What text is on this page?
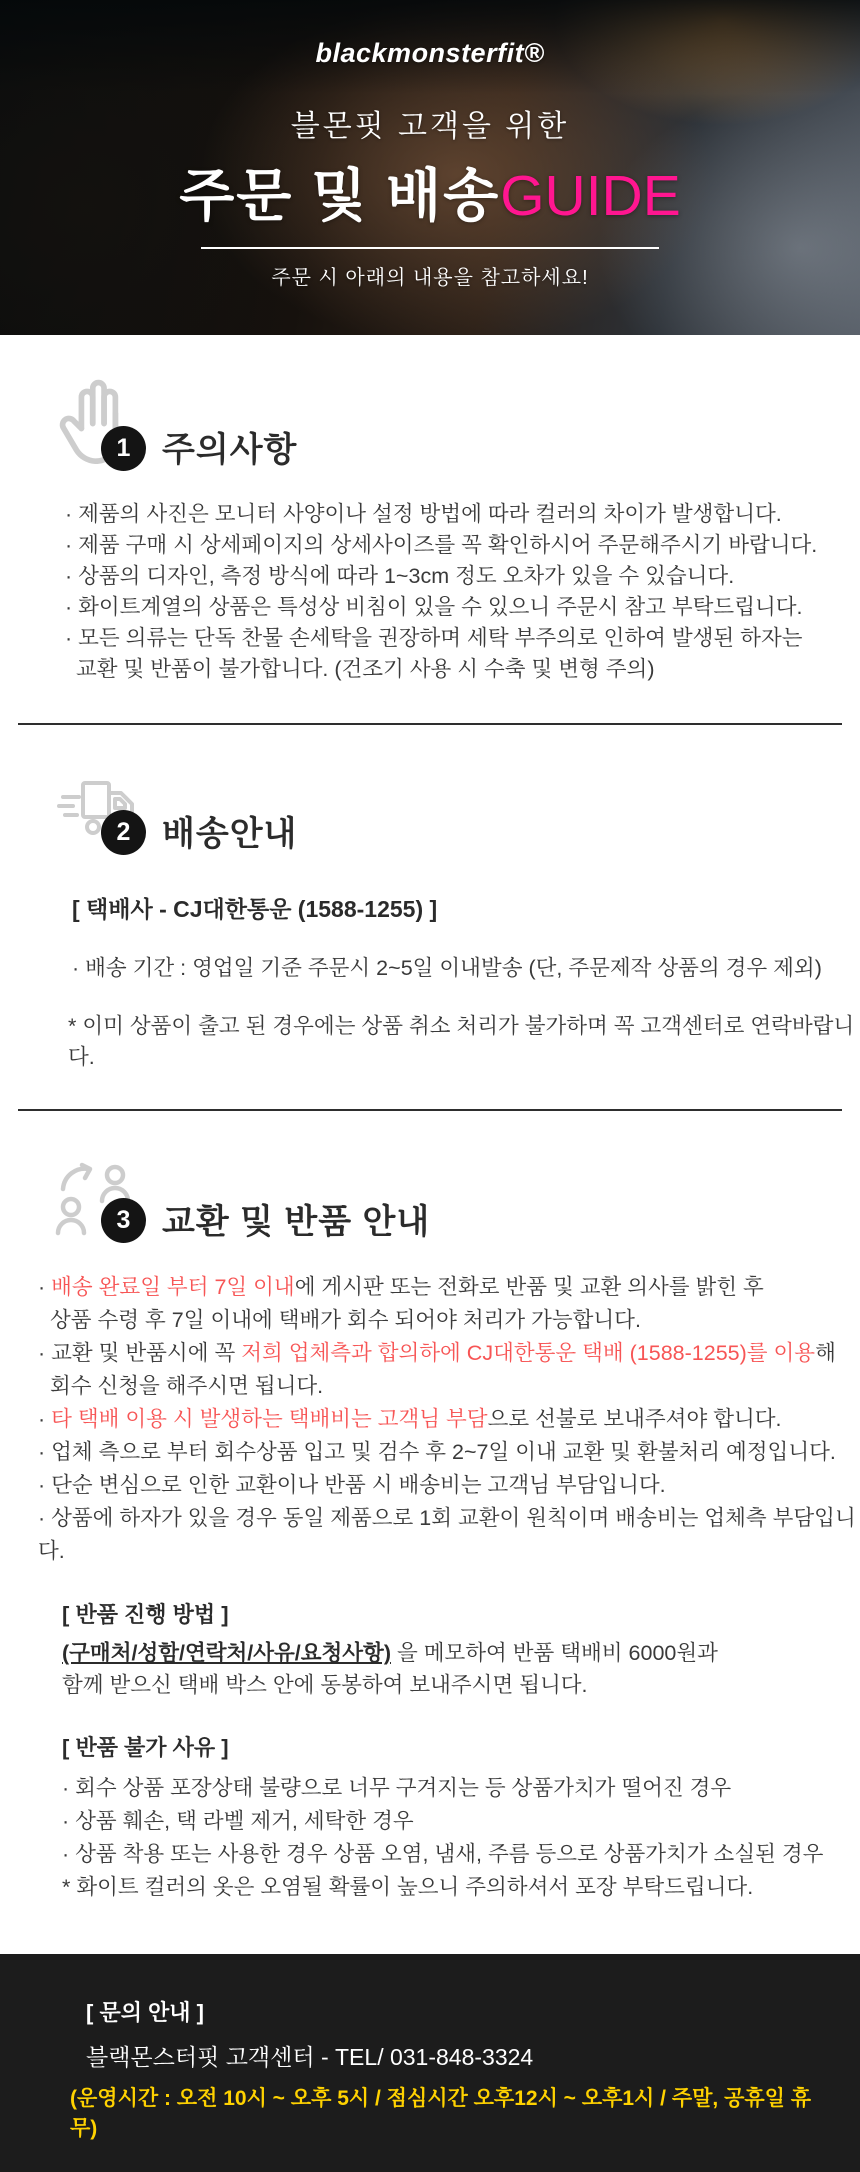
blackmonsterfit®
블몬핏 고객을 위한
주문 및 배송GUIDE
주문 시 아래의 내용을 참고하세요!
1 주의사항

· 제품의 사진은 모니터 사양이나 설정 방법에 따라 컬러의 차이가 발생합니다.

· 제품 구매 시 상세페이지의 상세사이즈를 꼭 확인하시어 주문해주시기 바랍니다.

· 상품의 디자인, 측정 방식에 따라 1~3cm 정도 오차가 있을 수 있습니다.

· 화이트계열의 상품은 특성상 비침이 있을 수 있으니 주문시 참고 부탁드립니다.

· 모든 의류는 단독 찬물 손세탁을 권장하며 세탁 부주의로 인하여 발생된 하자는

교환 및 반품이 불가합니다. (건조기 사용 시 수축 및 변형 주의)

2 배송안내

[ 택배사 - CJ대한통운 (1588-1255) ]

· 배송 기간 : 영업일 기준 주문시 2~5일 이내발송 (단, 주문제작 상품의 경우 제외)

* 이미 상품이 출고 된 경우에는 상품 취소 처리가 불가하며 꼭 고객센터로 연락바랍니다.

3 교환 및 반품 안내

· 배송 완료일 부터 7일 이내에 게시판 또는 전화로 반품 및 교환 의사를 밝힌 후

상품 수령 후 7일 이내에 택배가 회수 되어야 처리가 가능합니다.

· 교환 및 반품시에 꼭 저희 업체측과 합의하에 CJ대한통운 택배 (1588-1255)를 이용해

회수 신청을 해주시면 됩니다.

· 타 택배 이용 시 발생하는 택배비는 고객님 부담으로 선불로 보내주셔야 합니다.

· 업체 측으로 부터 회수상품 입고 및 검수 후 2~7일 이내 교환 및 환불처리 예정입니다.

· 단순 변심으로 인한 교환이나 반품 시 배송비는 고객님 부담입니다.

· 상품에 하자가 있을 경우 동일 제품으로 1회 교환이 원칙이며 배송비는 업체측 부담입니다.

[ 반품 진행 방법 ]

(구매처/성함/연락처/사유/요청사항) 을 메모하여 반품 택배비 6000원과

함께 받으신 택배 박스 안에 동봉하여 보내주시면 됩니다.

[ 반품 불가 사유 ]

· 회수 상품 포장상태 불량으로 너무 구겨지는 등 상품가치가 떨어진 경우

· 상품 훼손, 택 라벨 제거, 세탁한 경우

· 상품 착용 또는 사용한 경우 상품 오염, 냄새, 주름 등으로 상품가치가 소실된 경우

* 화이트 컬러의 옷은 오염될 확률이 높으니 주의하셔서 포장 부탁드립니다.

[ 문의 안내 ]
블랙몬스터핏 고객센터 - TEL/ 031-848-3324
(운영시간 : 오전 10시 ~ 오후 5시 / 점심시간 오후12시 ~ 오후1시 / 주말, 공휴일 휴무)
